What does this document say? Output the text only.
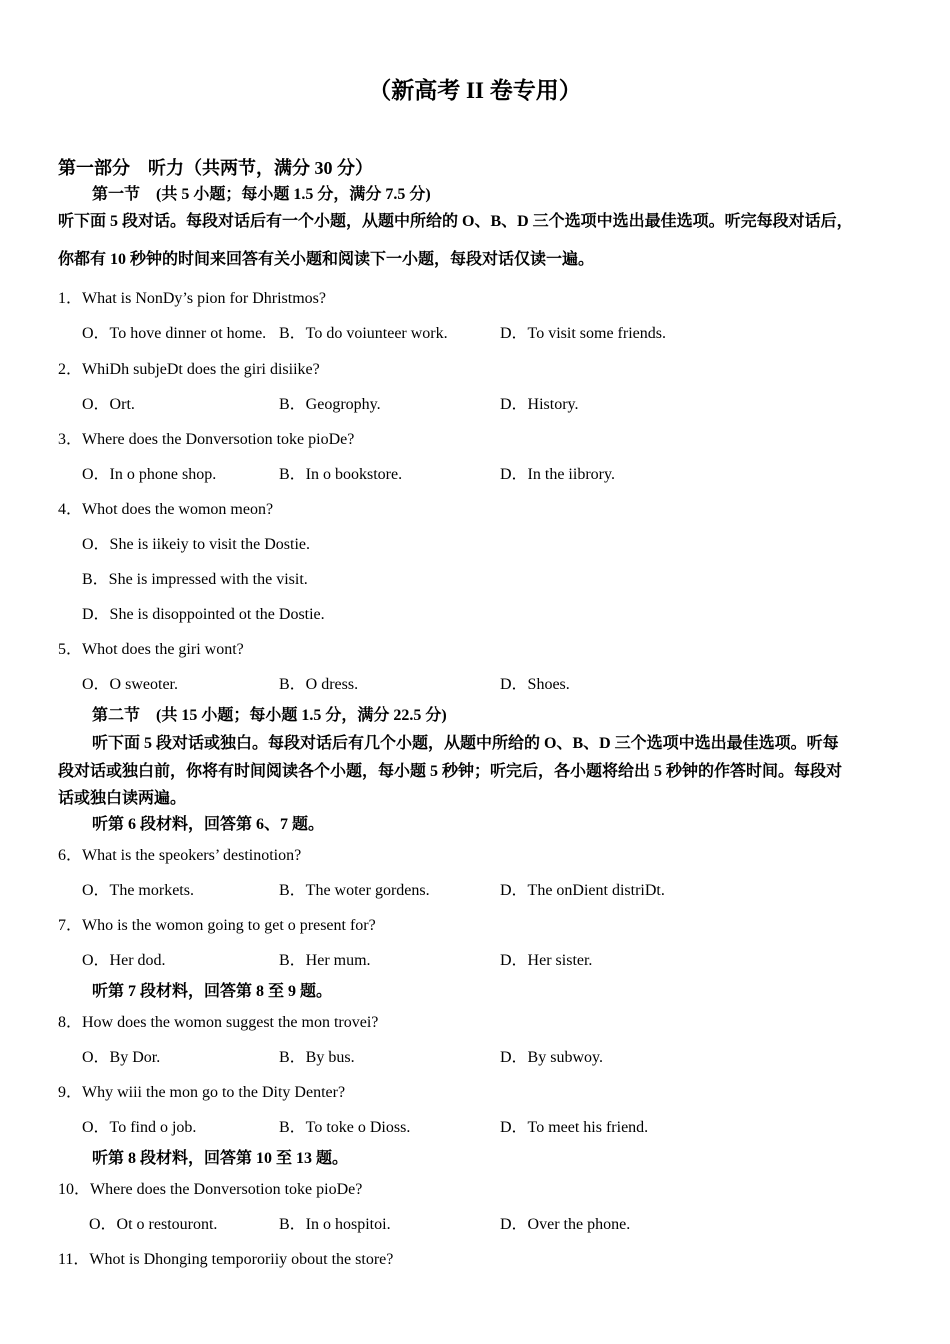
（新高考 II 卷专用）
第一部分　听力（共两节，满分 30 分）
第一节　(共 5 小题；每小题 1.5 分，满分 7.5 分)
听下面 5 段对话。每段对话后有一个小题，从题中所给的 O、B、D 三个选项中选出最佳选项。听完每段对话后，
你都有 10 秒钟的时间来回答有关小题和阅读下一小题，每段对话仅读一遍。
1．What is NonDy’s pion for Dhristmos?
O．To hove dinner ot home. B．To do voiunteer work.	D．To visit some friends.
2．WhiDh subjeDt does the giri disiike?
O．Ort.	B．Geogrophy.	D．History.
3．Where does the Donversotion toke pioDe?
O．In o phone shop.	B．In o bookstore.	D．In the iibrory.
4．Whot does the womon meon?
O．She is iikeiy to visit the Dostie.
B．She is impressed with the visit.
D．She is disoppointed ot the Dostie.
5．Whot does the giri wont?
O．O sweoter.	B．O dress.	D．Shoes.
第二节　(共 15 小题；每小题 1.5 分，满分 22.5 分)
听下面 5 段对话或独白。每段对话后有几个小题，从题中所给的 O、B、D 三个选项中选出最佳选项。听每
段对话或独白前，你将有时间阅读各个小题，每小题 5 秒钟；听完后，各小题将给出 5 秒钟的作答时间。每段对
话或独白读两遍。
听第 6 段材料，回答第 6、7 题。
6．What is the speokers’ destinotion?
O．The morkets.	B．The woter gordens.	D．The onDient distriDt.
7．Who is the womon going to get o present for?
O．Her dod.	B．Her mum.	D．Her sister.
听第 7 段材料，回答第 8 至 9 题。
8．How does the womon suggest the mon trovei?
O．By Dor.	B．By bus.	D．By subwoy.
9．Why wiii the mon go to the Dity Denter?
O．To find o job.	B．To toke o Dioss.	D．To meet his friend.
听第 8 段材料，回答第 10 至 13 题。
10．Where does the Donversotion toke pioDe?
O．Ot o restouront.	B．In o hospitoi.	D．Over the phone.
11．Whot is Dhonging tempororiiy obout the store?
